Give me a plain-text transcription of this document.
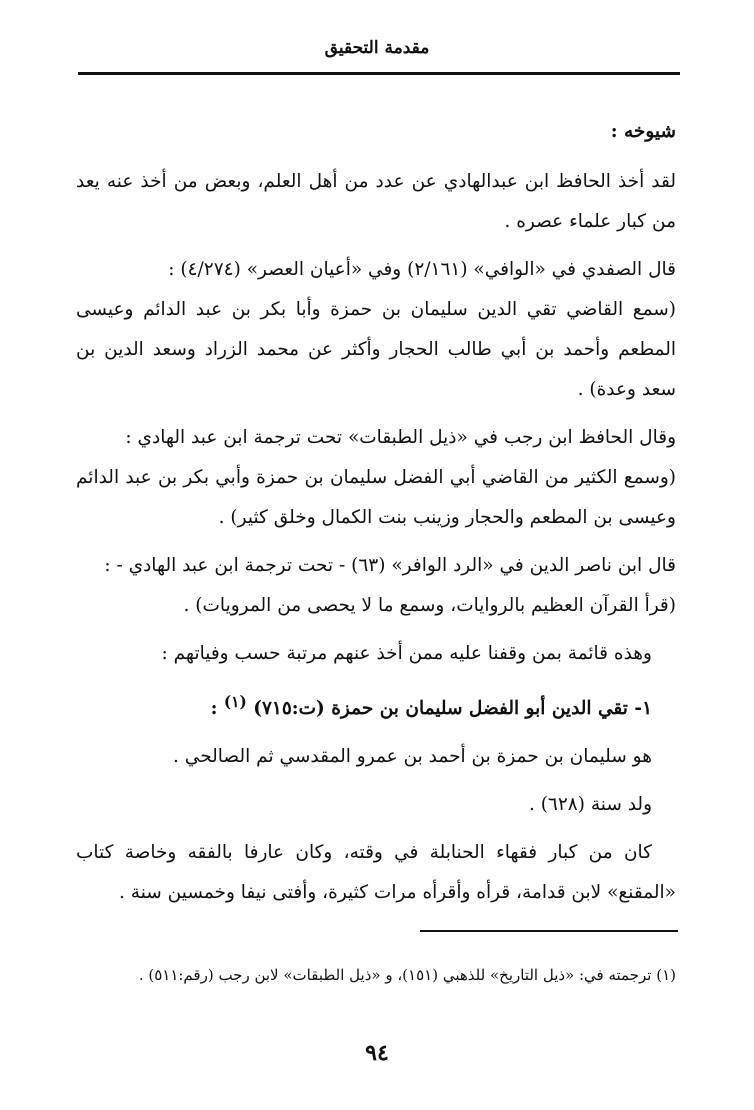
مقدمة التحقيق

شيوخه :

لقد أخذ الحافظ ابن عبدالهادي عن عدد من أهل العلم، وبعض من أخذ عنه يعد من كبار علماء عصره .

قال الصفدي في «الوافي» (٢/١٦١) وفي «أعيان العصر» (٤/٢٧٤) :

(سمع القاضي تقي الدين سليمان بن حمزة وأبا بكر بن عبد الدائم وعيسى المطعم وأحمد بن أبي طالب الحجار وأكثر عن محمد الزراد وسعد الدين بن سعد وعدة) .

وقال الحافظ ابن رجب في «ذيل الطبقات» تحت ترجمة ابن عبد الهادي :

(وسمع الكثير من القاضي أبي الفضل سليمان بن حمزة وأبي بكر بن عبد الدائم وعيسى بن المطعم والحجار وزينب بنت الكمال وخلق كثير) .

قال ابن ناصر الدين في «الرد الوافر» (٦٣) - تحت ترجمة ابن عبد الهادي - :

(قرأ القرآن العظيم بالروايات، وسمع ما لا يحصى من المرويات) .

وهذه قائمة بمن وقفنا عليه ممن أخذ عنهم مرتبة حسب وفياتهم :

١- تقي الدين أبو الفضل سليمان بن حمزة (ت:٧١٥) $^{(١)}$ :

هو سليمان بن حمزة بن أحمد بن عمرو المقدسي ثم الصالحي .

ولد سنة (٦٢٨) .

كان من كبار فقهاء الحنابلة في وقته، وكان عارفا بالفقه وخاصة كتاب «المقنع» لابن قدامة، قرأه وأقرأه مرات كثيرة، وأفتى نيفا وخمسين سنة .

(١) ترجمته في: «ذيل التاريخ» للذهبي (١٥١)، و «ذيل الطبقات» لابن رجب (رقم:٥١١) .
٩٤
